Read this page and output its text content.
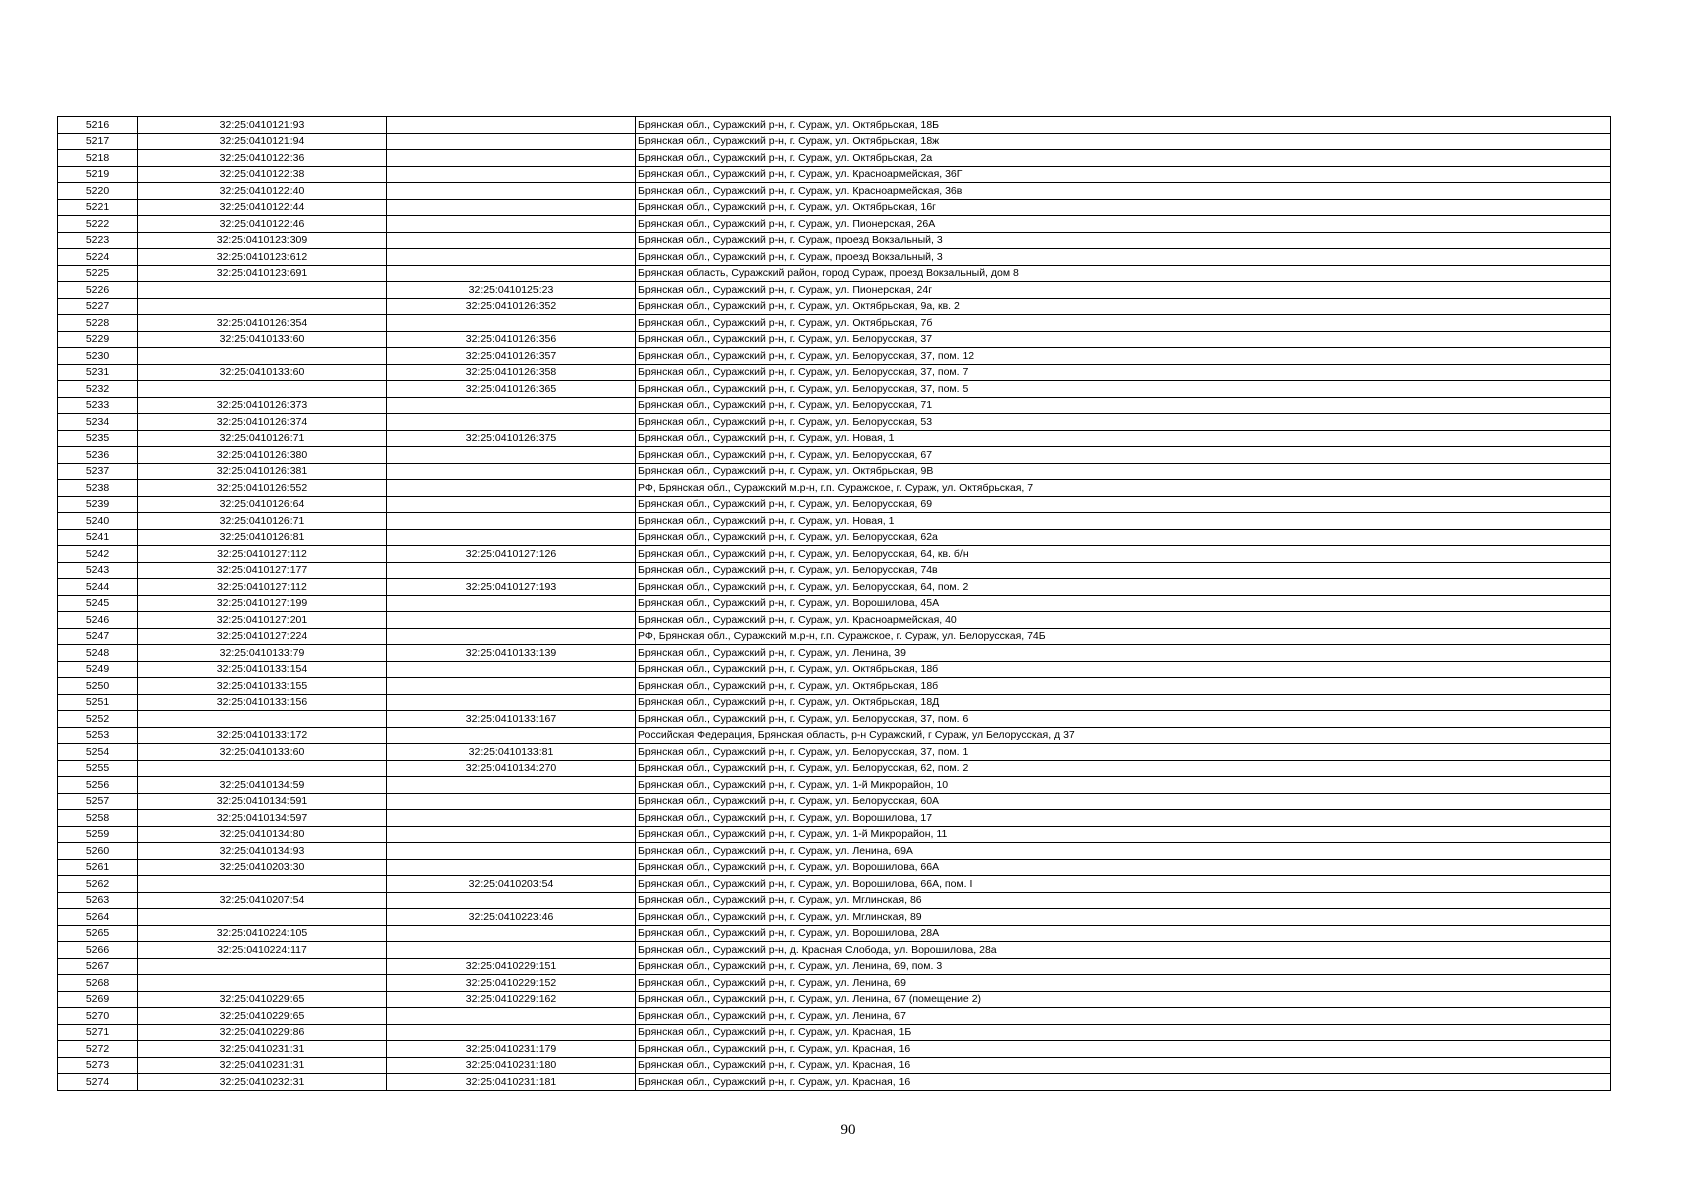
5216	32:25:0410121:93		Брянская обл., Суражский р-н, г. Сураж, ул. Октябрьская, 18Б
5217	32:25:0410121:94		Брянская обл., Суражский р-н, г. Сураж, ул. Октябрьская, 18ж
5218	32:25:0410122:36		Брянская обл., Суражский р-н, г. Сураж, ул. Октябрьская, 2а
5219	32:25:0410122:38		Брянская обл., Суражский р-н, г. Сураж, ул. Красноармейская, 36Г
5220	32:25:0410122:40		Брянская обл., Суражский р-н, г. Сураж, ул. Красноармейская, 36в
5221	32:25:0410122:44		Брянская обл., Суражский р-н, г. Сураж, ул. Октябрьская, 16г
5222	32:25:0410122:46		Брянская обл., Суражский р-н, г. Сураж, ул. Пионерская, 26А
5223	32:25:0410123:309		Брянская обл., Суражский р-н, г. Сураж, проезд Вокзальный, 3
5224	32:25:0410123:612		Брянская обл., Суражский р-н, г. Сураж, проезд Вокзальный, 3
5225	32:25:0410123:691		Брянская область, Суражский район, город Сураж, проезд Вокзальный, дом 8
5226		32:25:0410125:23	Брянская обл., Суражский р-н, г. Сураж, ул. Пионерская, 24г
5227		32:25:0410126:352	Брянская обл., Суражский р-н, г. Сураж, ул. Октябрьская, 9а, кв. 2
5228	32:25:0410126:354		Брянская обл., Суражский р-н, г. Сураж, ул. Октябрьская, 7б
5229	32:25:0410133:60	32:25:0410126:356	Брянская обл., Суражский р-н, г. Сураж, ул. Белорусская, 37
5230		32:25:0410126:357	Брянская обл., Суражский р-н, г. Сураж, ул. Белорусская, 37, пом. 12
5231	32:25:0410133:60	32:25:0410126:358	Брянская обл., Суражский р-н, г. Сураж, ул. Белорусская, 37, пом. 7
5232		32:25:0410126:365	Брянская обл., Суражский р-н, г. Сураж, ул. Белорусская, 37, пом. 5
5233	32:25:0410126:373		Брянская обл., Суражский р-н, г. Сураж, ул. Белорусская, 71
5234	32:25:0410126:374		Брянская обл., Суражский р-н, г. Сураж, ул. Белорусская, 53
5235	32:25:0410126:71	32:25:0410126:375	Брянская обл., Суражский р-н, г. Сураж, ул. Новая, 1
5236	32:25:0410126:380		Брянская обл., Суражский р-н, г. Сураж, ул. Белорусская, 67
5237	32:25:0410126:381		Брянская обл., Суражский р-н, г. Сураж, ул. Октябрьская, 9В
5238	32:25:0410126:552		РФ, Брянская обл., Суражский м.р-н, г.п. Суражское, г. Сураж, ул. Октябрьская, 7
5239	32:25:0410126:64		Брянская обл., Суражский р-н, г. Сураж, ул. Белорусская, 69
5240	32:25:0410126:71		Брянская обл., Суражский р-н, г. Сураж, ул. Новая, 1
5241	32:25:0410126:81		Брянская обл., Суражский р-н, г. Сураж, ул. Белорусская, 62а
5242	32:25:0410127:112	32:25:0410127:126	Брянская обл., Суражский р-н, г. Сураж, ул. Белорусская, 64, кв. б/н
5243	32:25:0410127:177		Брянская обл., Суражский р-н, г. Сураж, ул. Белорусская, 74в
5244	32:25:0410127:112	32:25:0410127:193	Брянская обл., Суражский р-н, г. Сураж, ул. Белорусская, 64, пом. 2
5245	32:25:0410127:199		Брянская обл., Суражский р-н, г. Сураж, ул. Ворошилова, 45А
5246	32:25:0410127:201		Брянская обл., Суражский р-н, г. Сураж, ул. Красноармейская, 40
5247	32:25:0410127:224		РФ, Брянская обл., Суражский м.р-н, г.п. Суражское, г. Сураж, ул. Белорусская, 74Б
5248	32:25:0410133:79	32:25:0410133:139	Брянская обл., Суражский р-н, г. Сураж, ул. Ленина, 39
5249	32:25:0410133:154		Брянская обл., Суражский р-н, г. Сураж, ул. Октябрьская, 18б
5250	32:25:0410133:155		Брянская обл., Суражский р-н, г. Сураж, ул. Октябрьская, 18б
5251	32:25:0410133:156		Брянская обл., Суражский р-н, г. Сураж, ул. Октябрьская, 18Д
5252		32:25:0410133:167	Брянская обл., Суражский р-н, г. Сураж, ул. Белорусская, 37, пом. 6
5253	32:25:0410133:172		Российская Федерация, Брянская область, р-н Суражский, г Сураж, ул Белорусская, д 37
5254	32:25:0410133:60	32:25:0410133:81	Брянская обл., Суражский р-н, г. Сураж, ул. Белорусская, 37, пом. 1
5255		32:25:0410134:270	Брянская обл., Суражский р-н, г. Сураж, ул. Белорусская, 62, пом. 2
5256	32:25:0410134:59		Брянская обл., Суражский р-н, г. Сураж, ул. 1-й Микрорайон, 10
5257	32:25:0410134:591		Брянская обл., Суражский р-н, г. Сураж, ул. Белорусская, 60А
5258	32:25:0410134:597		Брянская обл., Суражский р-н, г. Сураж, ул. Ворошилова, 17
5259	32:25:0410134:80		Брянская обл., Суражский р-н, г. Сураж, ул. 1-й Микрорайон, 11
5260	32:25:0410134:93		Брянская обл., Суражский р-н, г. Сураж, ул. Ленина, 69А
5261	32:25:0410203:30		Брянская обл., Суражский р-н, г. Сураж, ул. Ворошилова, 66А
5262		32:25:0410203:54	Брянская обл., Суражский р-н, г. Сураж, ул. Ворошилова, 66А, пом. I
5263	32:25:0410207:54		Брянская обл., Суражский р-н, г. Сураж, ул. Мглинская, 86
5264		32:25:0410223:46	Брянская обл., Суражский р-н, г. Сураж, ул. Мглинская, 89
5265	32:25:0410224:105		Брянская обл., Суражский р-н, г. Сураж, ул. Ворошилова, 28А
5266	32:25:0410224:117		Брянская обл., Суражский р-н, д. Красная Слобода, ул. Ворошилова, 28а
5267		32:25:0410229:151	Брянская обл., Суражский р-н, г. Сураж, ул. Ленина, 69, пом. 3
5268		32:25:0410229:152	Брянская обл., Суражский р-н, г. Сураж, ул. Ленина, 69
5269	32:25:0410229:65	32:25:0410229:162	Брянская обл., Суражский р-н, г. Сураж, ул. Ленина, 67 (помещение 2)
5270	32:25:0410229:65		Брянская обл., Суражский р-н, г. Сураж, ул. Ленина, 67
5271	32:25:0410229:86		Брянская обл., Суражский р-н, г. Сураж, ул. Красная, 1Б
5272	32:25:0410231:31	32:25:0410231:179	Брянская обл., Суражский р-н, г. Сураж, ул. Красная, 16
5273	32:25:0410231:31	32:25:0410231:180	Брянская обл., Суражский р-н, г. Сураж, ул. Красная, 16
5274	32:25:0410232:31	32:25:0410231:181	Брянская обл., Суражский р-н, г. Сураж, ул. Красная, 16
90
